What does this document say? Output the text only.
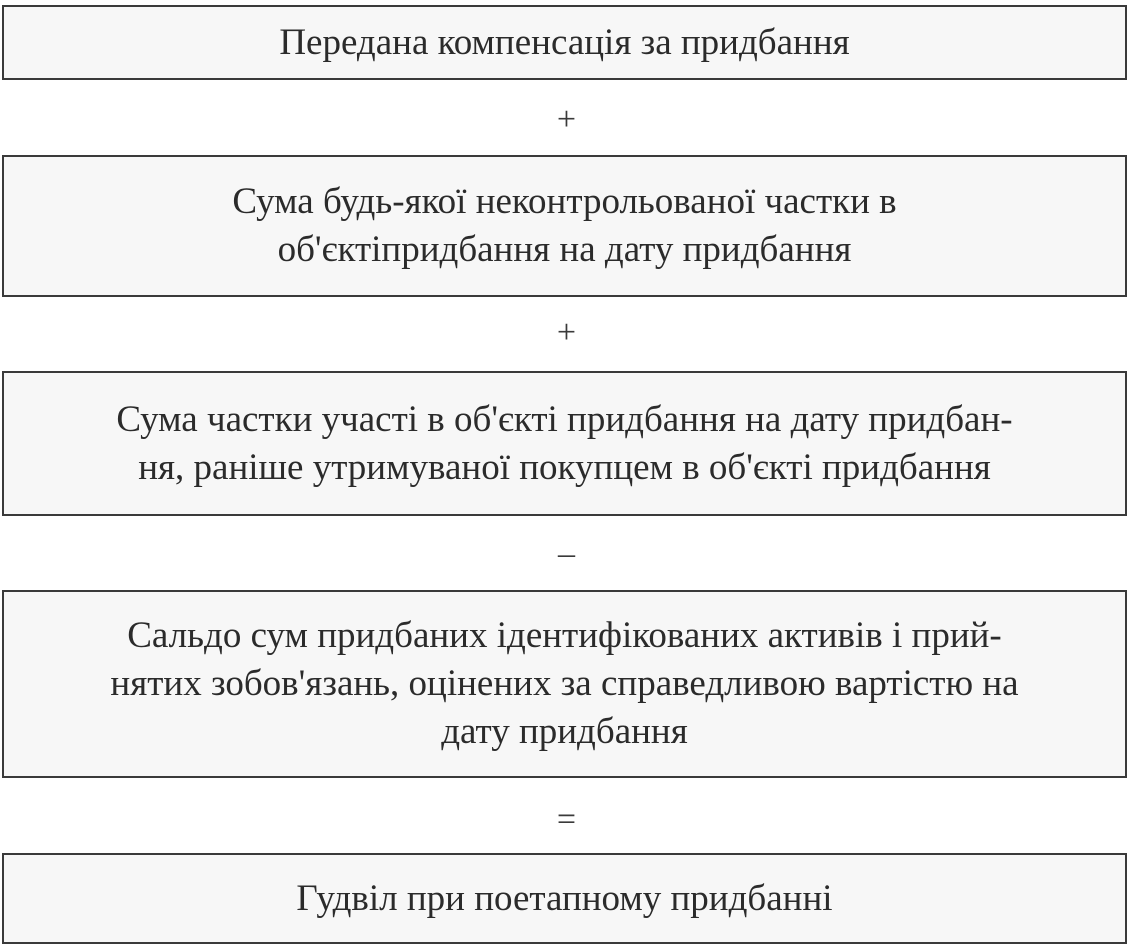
Передана компенсація за придбання
+
Сума будь-якої неконтрольованої частки в
об'єктіпридбання на дату придбання
+
Сума частки участі в об'єкті придбання на дату придбан-
ня, раніше утримуваної покупцем в об'єкті придбання
–
Сальдо сум придбаних ідентифікованих активів і прий-
нятих зобов'язань, оцінених за справедливою вартістю на
дату придбання
=
Гудвіл при поетапному придбанні
